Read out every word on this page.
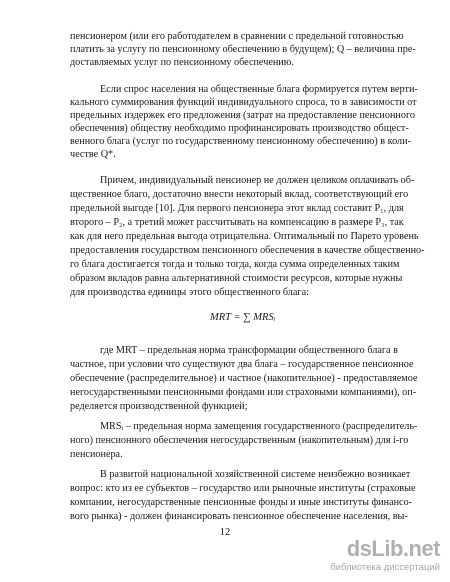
пенсионером (или его работодателем в сравнении с предельной готовностью
платить за услугу по пенсионному обеспечению в будущем); Q – величина пре-
доставляемых услуг по пенсионному обеспечению.
Если спрос населения на общественные блага формируется путем верти-
кального суммирования функций индивидуального спроса, то в зависимости от
предельных издержек его предложения (затрат на предоставление пенсионного
обеспечения) обществу необходимо профинансировать производство общест-
венного блага (услуг по государственному пенсионному обеспечению) в коли-
честве Q*.
Причем, индивидуальный пенсионер не должен целиком оплачивать об-
щественное благо, достаточно внести некоторый вклад, соответствующий его
предельной выгоде [10]. Для первого пенсионера этот вклад составит P₁, для
второго – P₂, а третий может рассчитывать на компенсацию в размере P₃, так
как для него предельная выгода отрицательна. Оптимальный по Парето уровень
предоставления государством пенсионного обеспечения в качестве общественно-
го блага достигается тогда и только тогда, когда сумма определенных таким
образом вкладов равна альтернативной стоимости ресурсов, которые нужны
для производства единицы этого общественного блага:
MRT = ∑ MRSᵢ
где MRT – предельная норма трансформации общественного блага в
частное, при условии что существуют два блага – государственное пенсионное
обеспечение (распределительное) и частное (накопительное) - предоставляемое
негосударственными пенсионными фондами или страховыми компаниями), оп-
ределяется производственной функцией;
MRSᵢ – предельная норма замещения государственного (распределитель-
ного) пенсионного обеспечения негосударственным (накопительным) для i-го
пенсионера.
В развитой национальной хозяйственной системе неизбежно возникает
вопрос: кто из ее субъектов – государство или рыночные институты (страховые
компании, негосударственные пенсионные фонды и иные институты финансо-
вого рынка) - должен финансировать пенсионное обеспечение населения, вы-
12
dsLib.net
библиотека диссертаций
